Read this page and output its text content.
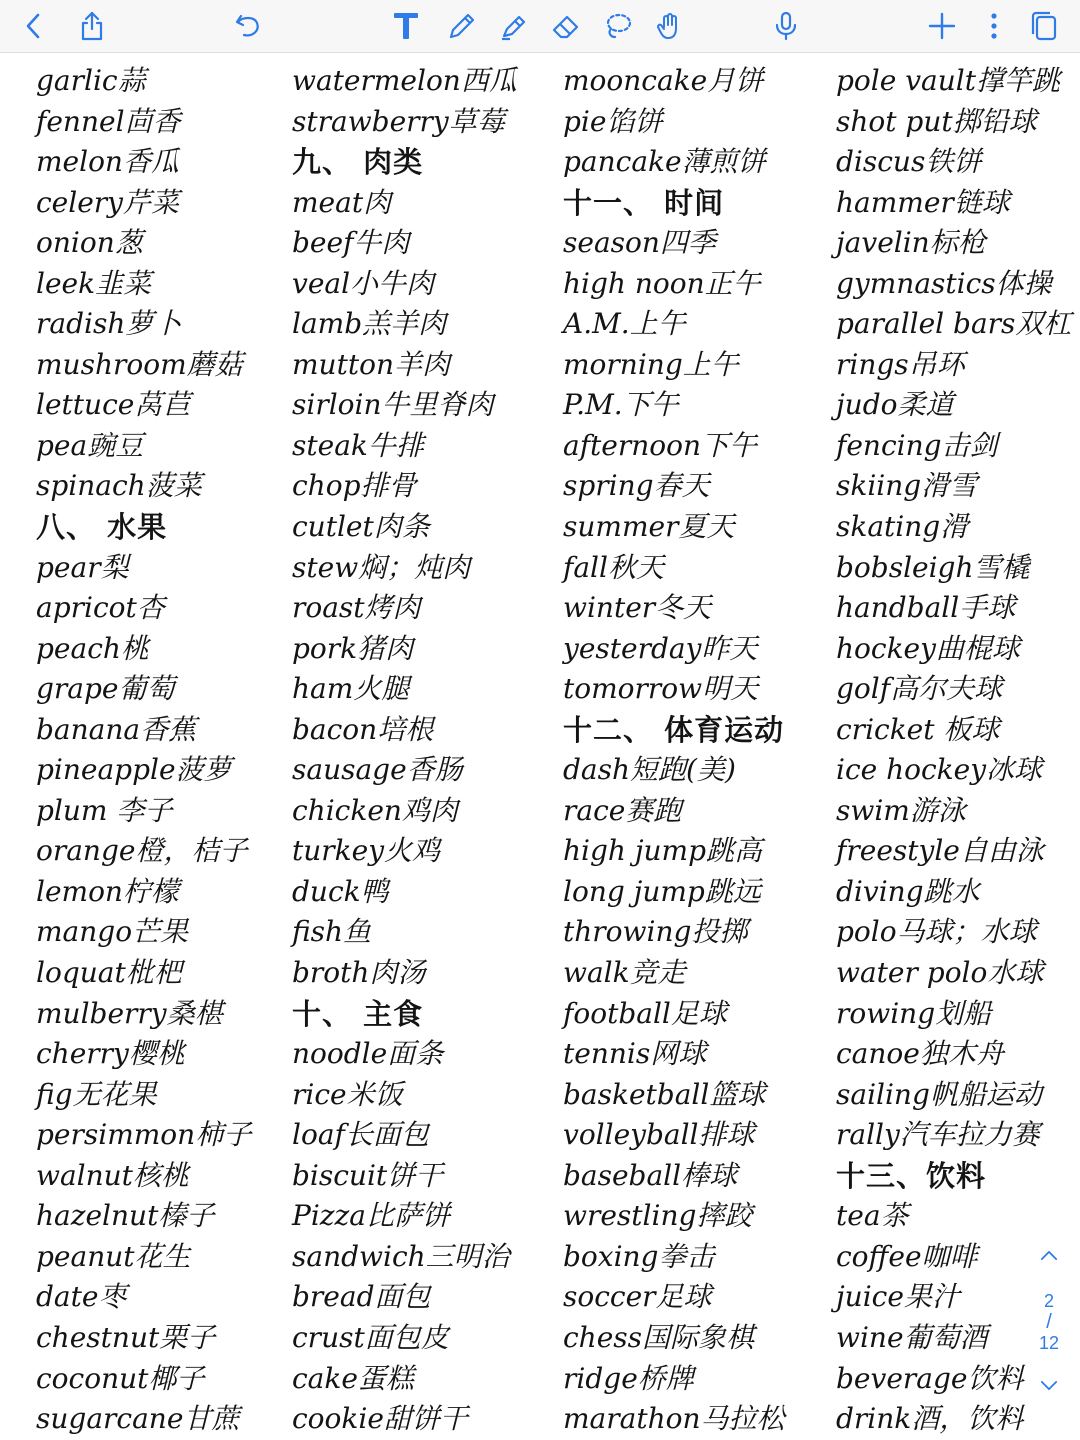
garlic蒜
fennel茴香
melon香瓜
celery芹菜
onion葱
leek韭菜
radish萝卜
mushroom蘑菇
lettuce莴苣
pea豌豆
spinach菠菜
八、 水果
pear梨
apricot杏
peach桃
grape葡萄
banana香蕉
pineapple菠萝
plum 李子
orange橙，桔子
lemon柠檬
mango芒果
loquat枇杷
mulberry桑椹
cherry樱桃
fig无花果
persimmon柿子
walnut核桃
hazelnut榛子
peanut花生
date枣
chestnut栗子
coconut椰子
sugarcane甘蔗
watermelon西瓜
strawberry草莓
九、 肉类
meat肉
beef牛肉
veal小牛肉
lamb羔羊肉
mutton羊肉
sirloin牛里脊肉
steak牛排
chop排骨
cutlet肉条
stew焖；炖肉
roast烤肉
pork猪肉
ham火腿
bacon培根
sausage香肠
chicken鸡肉
turkey火鸡
duck鸭
fish鱼
broth肉汤
十、 主食
noodle面条
rice米饭
loaf长面包
biscuit饼干
Pizza比萨饼
sandwich三明治
bread面包
crust面包皮
cake蛋糕
cookie甜饼干
mooncake月饼
pie馅饼
pancake薄煎饼
十一、 时间
season四季
high noon正午
A.M.上午
morning上午
P.M.下午
afternoon下午
spring春天
summer夏天
fall秋天
winter冬天
yesterday昨天
tomorrow明天
十二、 体育运动
dash短跑(美)
race赛跑
high jump跳高
long jump跳远
throwing投掷
walk竞走
football足球
tennis网球
basketball篮球
volleyball排球
baseball棒球
wrestling摔跤
boxing拳击
soccer足球
chess国际象棋
ridge桥牌
marathon马拉松
pole vault撑竿跳
shot put掷铅球
discus铁饼
hammer链球
javelin标枪
gymnastics体操
parallel bars双杠
rings吊环
judo柔道
fencing击剑
skiing滑雪
skating滑
bobsleigh雪橇
handball手球
hockey曲棍球
golf高尔夫球
cricket 板球
ice hockey冰球
swim游泳
freestyle自由泳
diving跳水
polo马球；水球
water polo水球
rowing划船
canoe独木舟
sailing帆船运动
rally汽车拉力赛
十三、饮料
tea茶
coffee咖啡
juice果汁
wine葡萄酒
beverage饮料
drink酒，饮料
2
/
12
